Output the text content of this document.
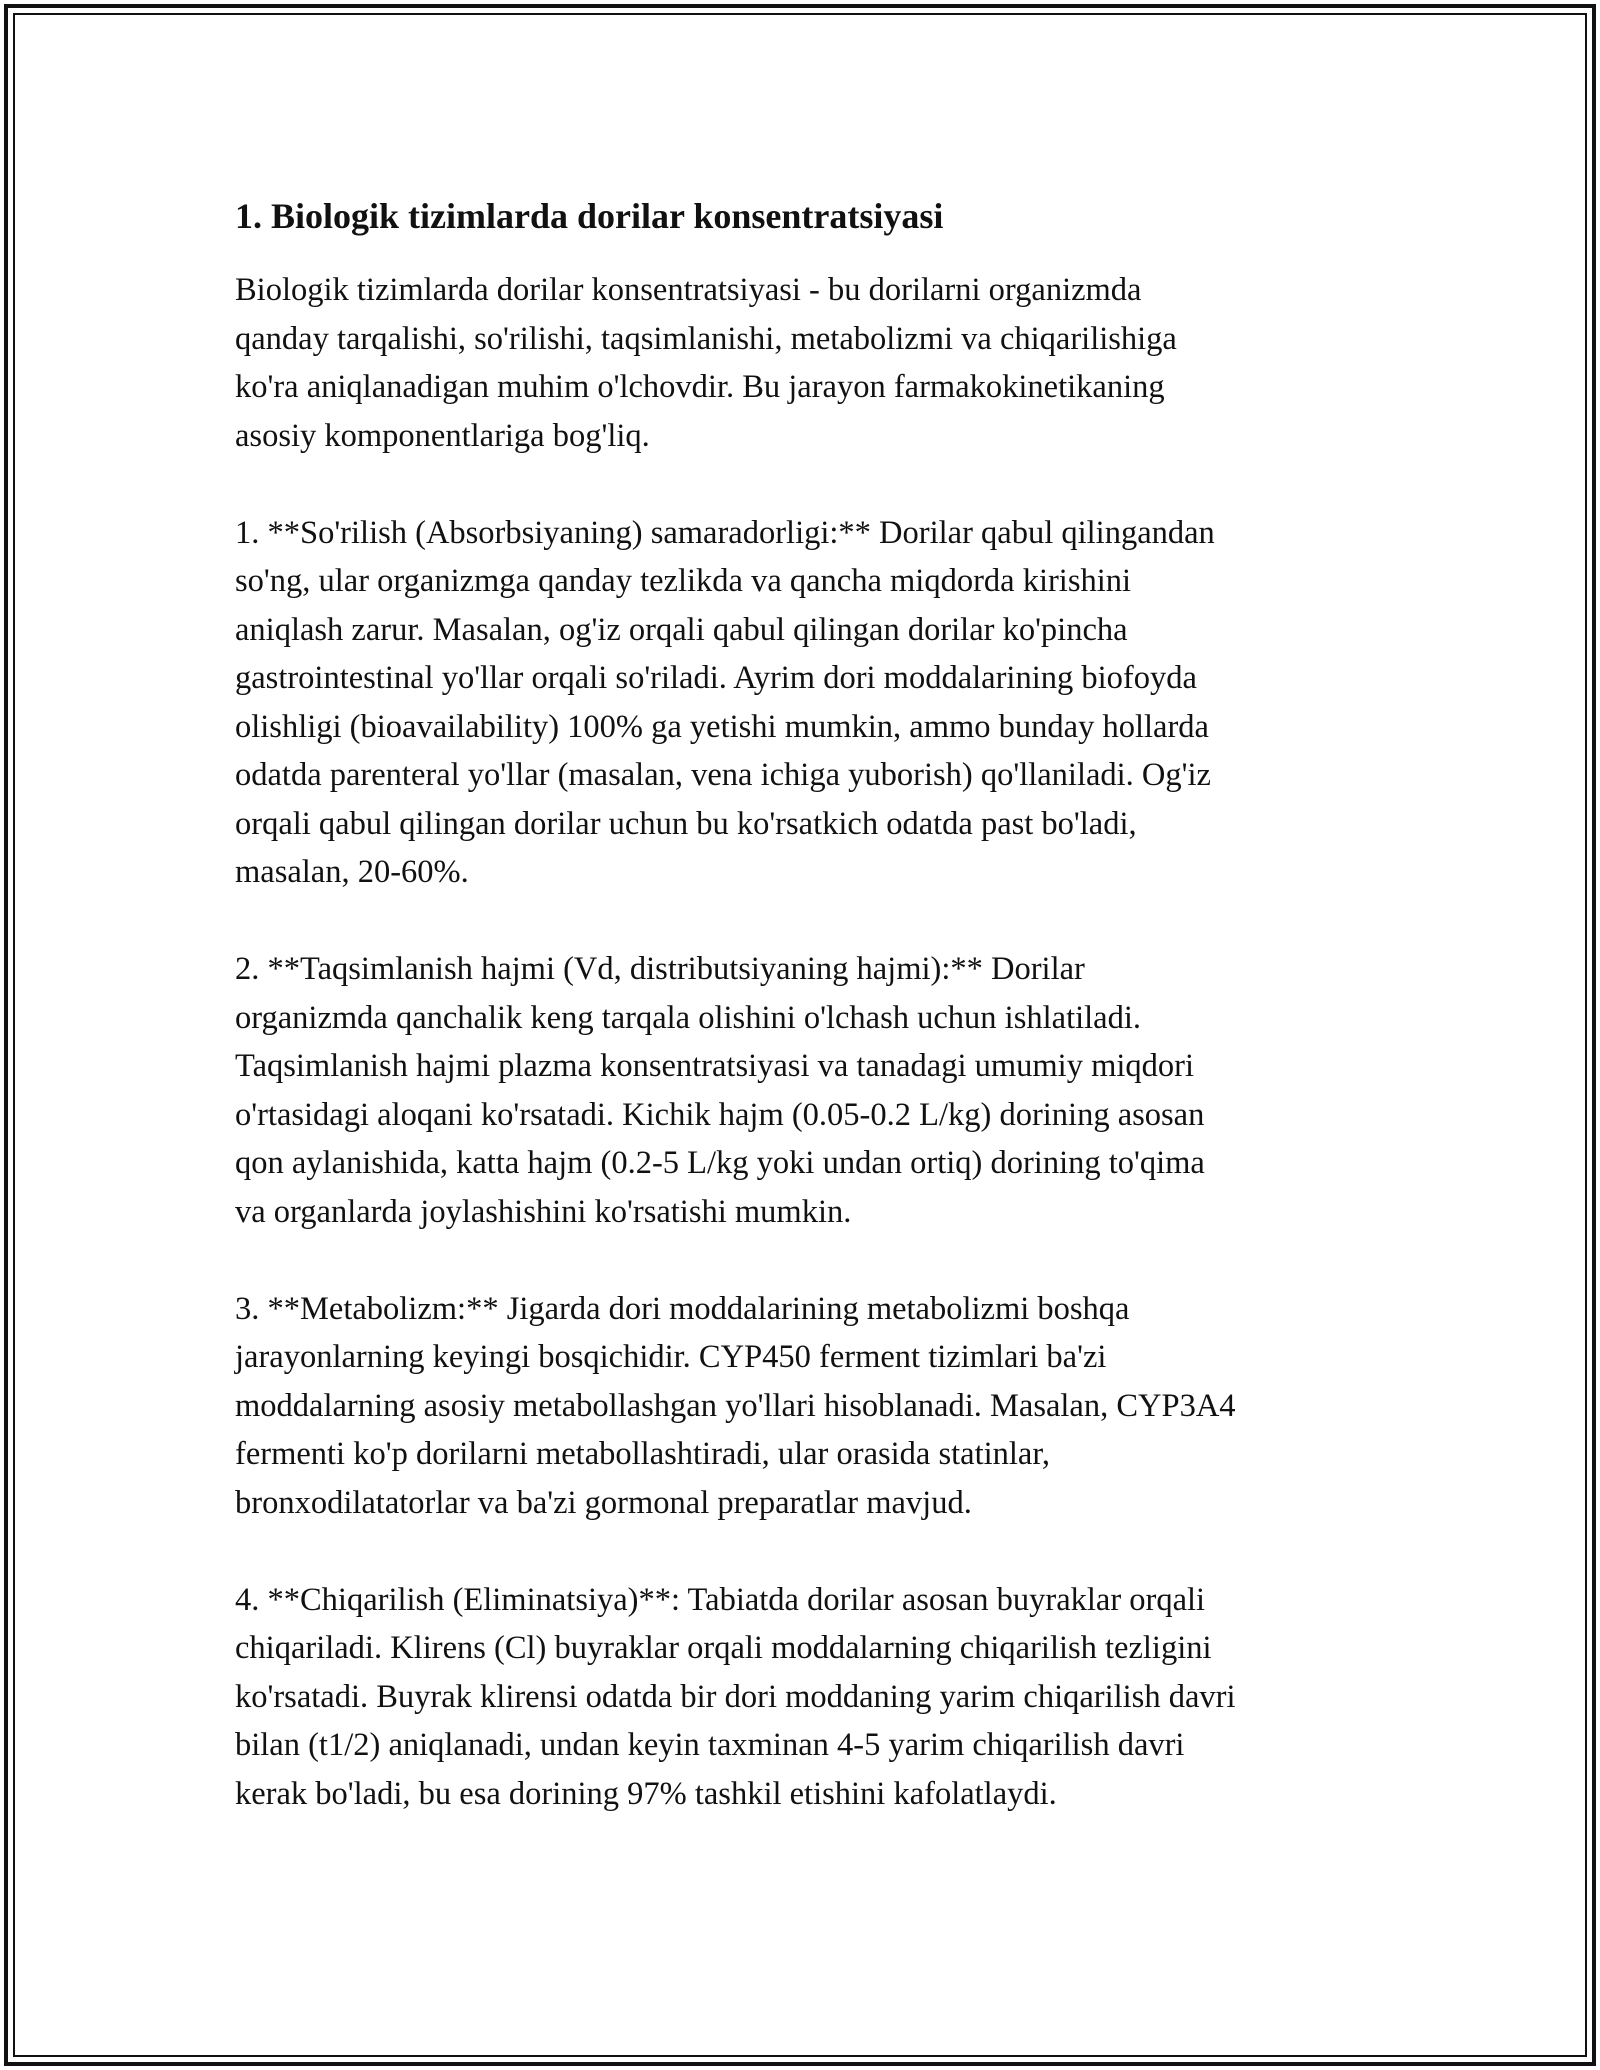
1. Biologik tizimlarda dorilar konsentratsiyasi

Biologik tizimlarda dorilar konsentratsiyasi - bu dorilarni organizmda
qanday tarqalishi, so'rilishi, taqsimlanishi, metabolizmi va chiqarilishiga
ko'ra aniqlanadigan muhim o'lchovdir. Bu jarayon farmakokinetikaning
asosiy komponentlariga bog'liq.

1. **So'rilish (Absorbsiyaning) samaradorligi:** Dorilar qabul qilingandan
so'ng, ular organizmga qanday tezlikda va qancha miqdorda kirishini
aniqlash zarur. Masalan, og'iz orqali qabul qilingan dorilar ko'pincha
gastrointestinal yo'llar orqali so'riladi. Ayrim dori moddalarining biofoyda
olishligi (bioavailability) 100% ga yetishi mumkin, ammo bunday hollarda
odatda parenteral yo'llar (masalan, vena ichiga yuborish) qo'llaniladi. Og'iz
orqali qabul qilingan dorilar uchun bu ko'rsatkich odatda past bo'ladi,
masalan, 20-60%.

2. **Taqsimlanish hajmi (Vd, distributsiyaning hajmi):** Dorilar
organizmda qanchalik keng tarqala olishini o'lchash uchun ishlatiladi.
Taqsimlanish hajmi plazma konsentratsiyasi va tanadagi umumiy miqdori
o'rtasidagi aloqani ko'rsatadi. Kichik hajm (0.05-0.2 L/kg) dorining asosan
qon aylanishida, katta hajm (0.2-5 L/kg yoki undan ortiq) dorining to'qima
va organlarda joylashishini ko'rsatishi mumkin.

3. **Metabolizm:** Jigarda dori moddalarining metabolizmi boshqa
jarayonlarning keyingi bosqichidir. CYP450 ferment tizimlari ba'zi
moddalarning asosiy metabollashgan yo'llari hisoblanadi. Masalan, CYP3A4
fermenti ko'p dorilarni metabollashtiradi, ular orasida statinlar,
bronxodilatatorlar va ba'zi gormonal preparatlar mavjud.

4. **Chiqarilish (Eliminatsiya)**: Tabiatda dorilar asosan buyraklar orqali
chiqariladi. Klirens (Cl) buyraklar orqali moddalarning chiqarilish tezligini
ko'rsatadi. Buyrak klirensi odatda bir dori moddaning yarim chiqarilish davri
bilan (t1/2) aniqlanadi, undan keyin taxminan 4-5 yarim chiqarilish davri
kerak bo'ladi, bu esa dorining 97% tashkil etishini kafolatlaydi.
